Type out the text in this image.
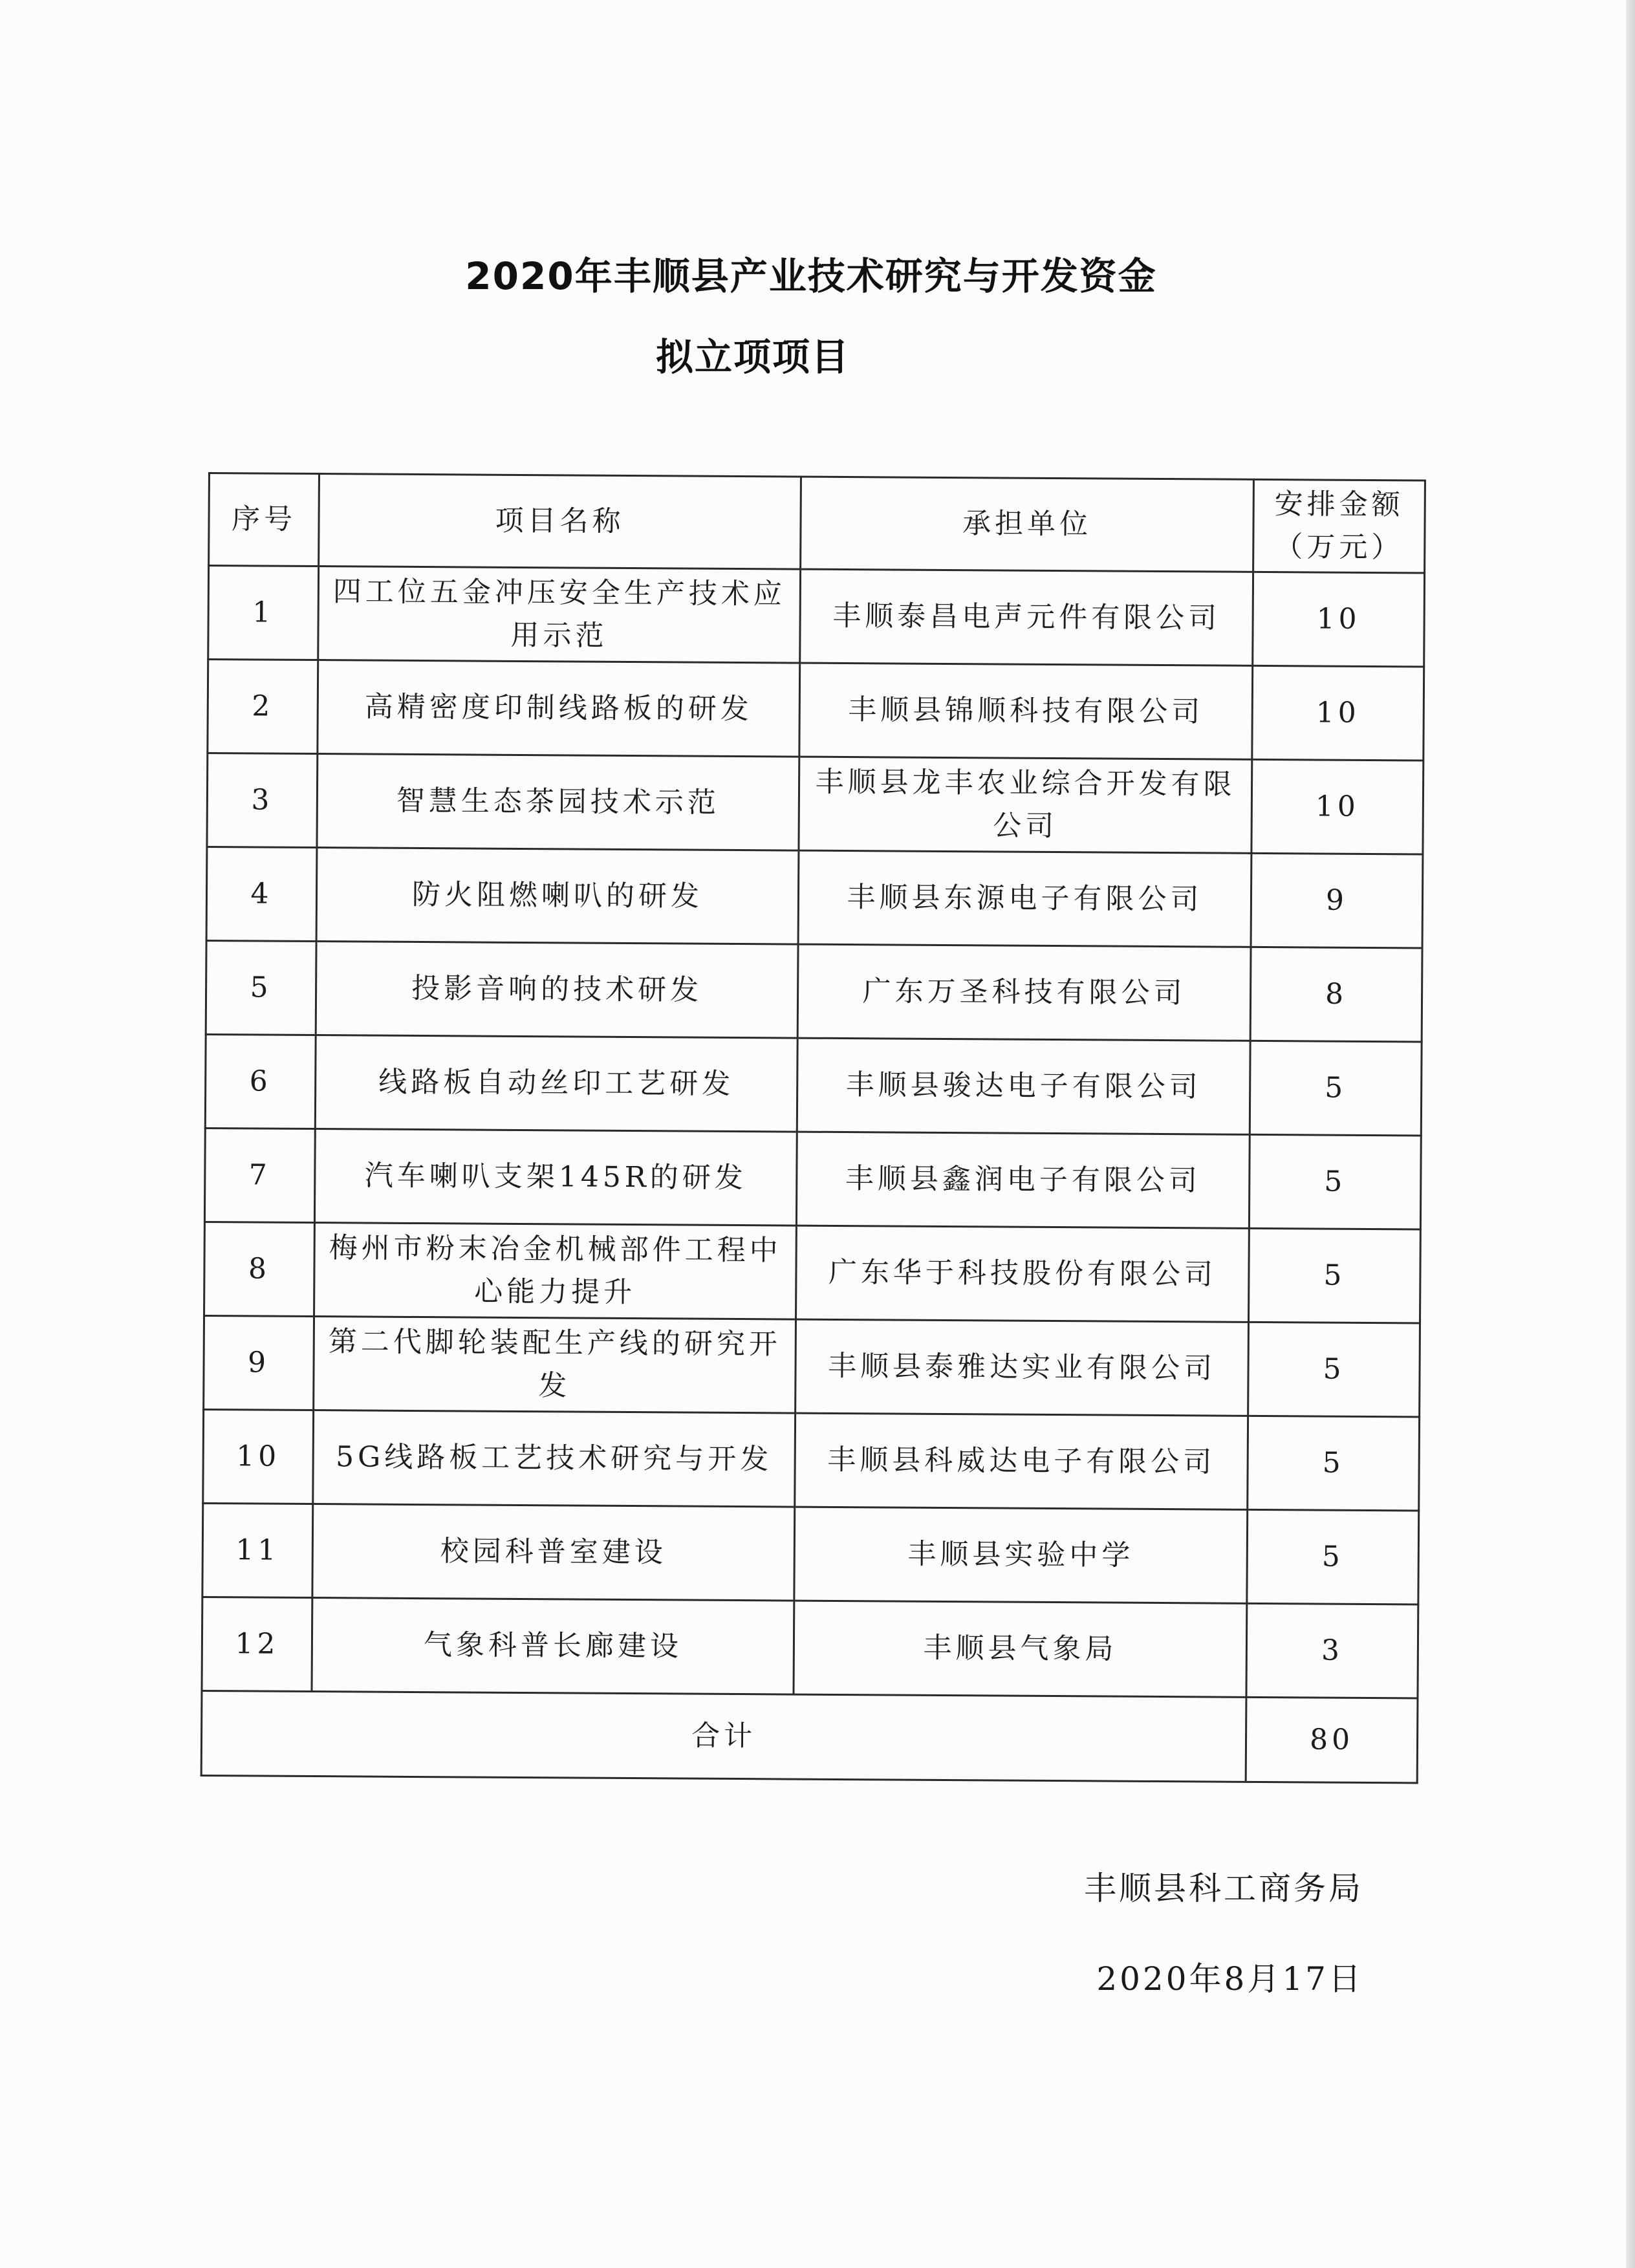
2020年丰顺县产业技术研究与开发资金
拟立项项目
序号	项目名称	承担单位	安排金额（万元）
1	四工位五金冲压安全生产技术应用示范	丰顺泰昌电声元件有限公司	10
2	高精密度印制线路板的研发	丰顺县锦顺科技有限公司	10
3	智慧生态茶园技术示范	丰顺县龙丰农业综合开发有限公司	10
4	防火阻燃喇叭的研发	丰顺县东源电子有限公司	9
5	投影音响的技术研发	广东万圣科技有限公司	8
6	线路板自动丝印工艺研发	丰顺县骏达电子有限公司	5
7	汽车喇叭支架145R的研发	丰顺县鑫润电子有限公司	5
8	梅州市粉末冶金机械部件工程中心能力提升	广东华于科技股份有限公司	5
9	第二代脚轮装配生产线的研究开发	丰顺县泰雅达实业有限公司	5
10	5G线路板工艺技术研究与开发	丰顺县科威达电子有限公司	5
11	校园科普室建设	丰顺县实验中学	5
12	气象科普长廊建设	丰顺县气象局	3
合计			80
丰顺县科工商务局
2020年8月17日
